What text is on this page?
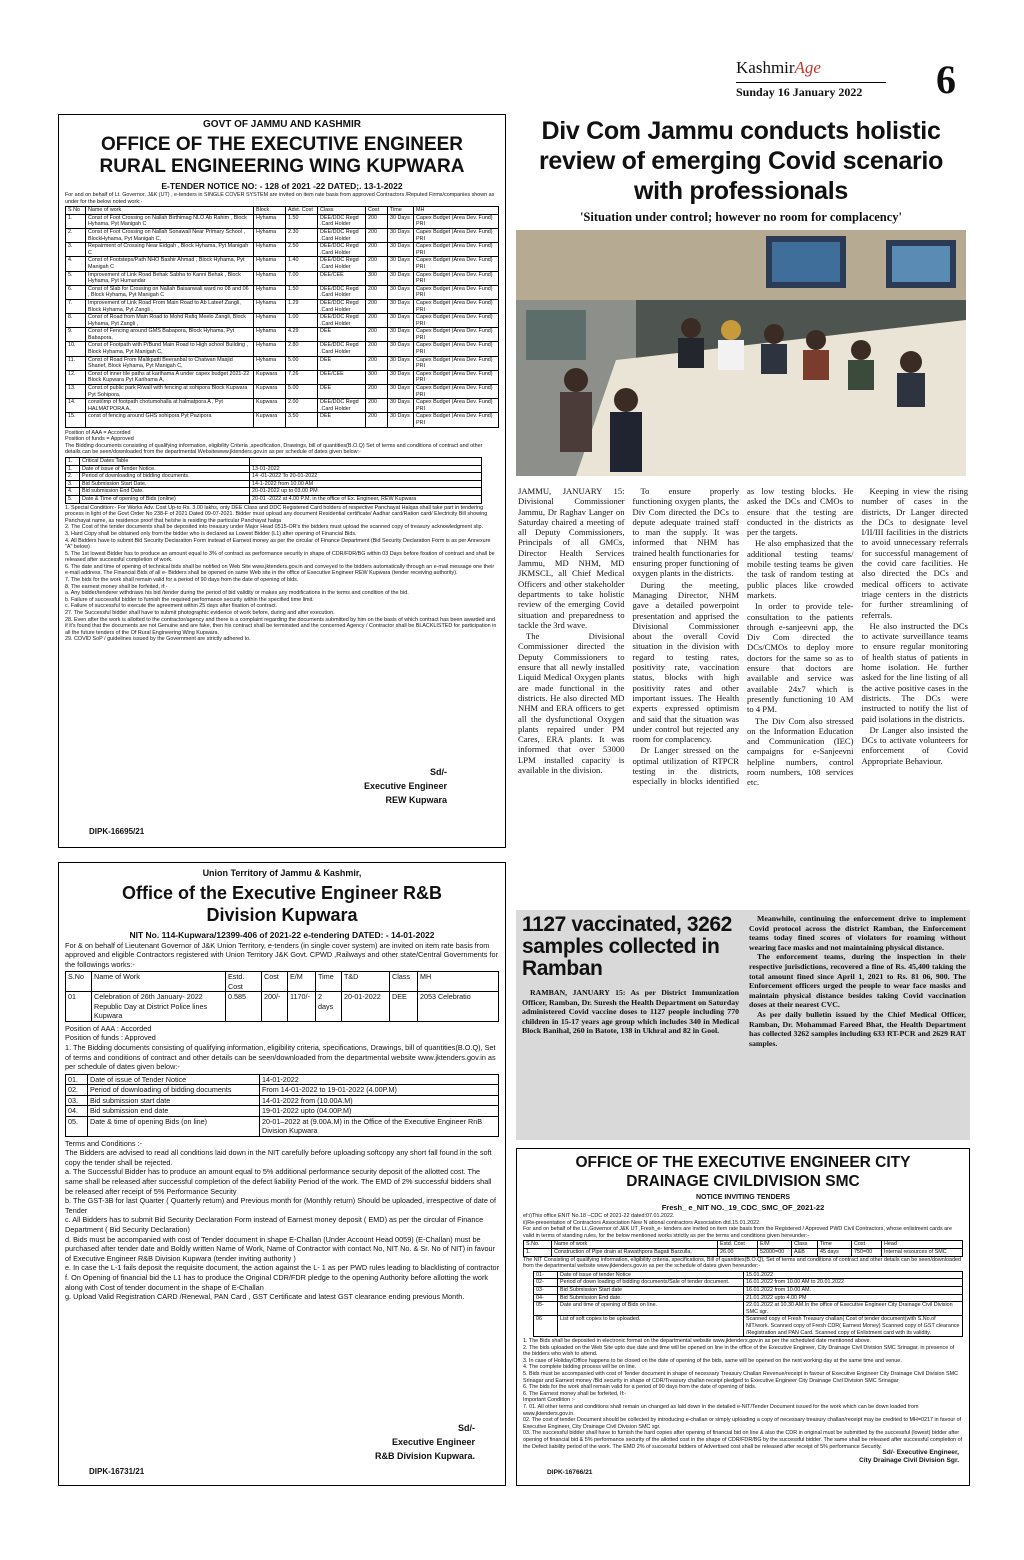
KashmirAge
Sunday 16 January 2022	6
GOVT OF JAMMU AND KASHMIR
OFFICE OF THE EXECUTIVE ENGINEER
RURAL ENGINEERING WING KUPWARA
E-TENDER NOTICE NO: - 128 of 2021 -22 DATED;. 13-1-2022
For and on behalf of Lt. Governor, J&K (UT) , e-tenders in SINGLE COVER SYSTEM are invited on item rate basis from approved Contractors /Reputed Firms/companies shown as under for the below noted work:-
S No	Name of work	Block	Advt. Cost	Class	Cost	Time	MH
1.	Const of Foot Crossing on Nallah Birthimag NLO Ab Rahim , Block Hyhama, Pyt Manigah C	Hyhama	1.50	DEE/DDC Regd .Card Holder	200	30 Days	Capex Budget (Area Dev. Fund) PRI
2.	Const of Foot Crossing on Nallah Sonawali Near Primary School , BlockHyhama, Pyt Manigah C,	Hyhama	2.30	DEE/DDC Regd .Card Holder	200	30 Days	Capex Budget (Area Dev. Fund) PRI
3.	Repairment of Crossing Near Eidgah , Block Hyhama, Pyt Manigah C	Hyhama	2.50	DEE/DDC Regd .Card Holder	200	30 Days	Capex Budget (Area Dev. Fund) PRI
4.	Const of Footsteps/Path NHO Bashir Ahmad , Block Hyhama, Pyt Manigah C	Hyhama	1.40	DEE/DDC Regd .Card Holder	200	30 Days	Capex Budget (Area Dev. Fund) PRI
5.	Improvement of Link Road Behak Sabha to Kanni Behak , Block Hyhama, Pyt Humandar	Hyhama	7.00	DEE/CEE	300	30 Days	Capex Budget (Area Dev. Fund) PRI
6.	Const of Slab for Crossing on Nallah Baisanwali ward no 08 and 06 , Block Hyhama, Pyt Manigah C	Hyhama	1.50	DEE/DDC Regd .Card Holder	200	30 Days	Capex Budget (Area Dev. Fund) PRI
7.	Improvement of Link Road From Main Road to Ab Lateef Zangli, Block Hyhama, Pyt Zangli ,	Hyhama	1.29	DEE/DDC Regd .Card Holder	200	30 Days	Capex Budget (Area Dev. Fund) PRI
8.	Const of Road from Main Road to Mohd Rafiq Meelo Zangli, Block Hyhama, Pyt Zangli ,	Hyhama	1.00	DEE/DDC Regd .Card Holder	200	30 Days	Capex Budget (Area Dev. Fund) PRI
9.	Const of Fencing around GMS Babapora, Block Hyhama, Pyt Babapora,	Hyhama	4.29	DEE	200	30 Days	Capex Budget (Area Dev. Fund) PRI
10.	Const of Footpath with P/Bund Main Road to High school Building , Block Hyhama, Pyt Manigah C,	Hyhama	2.80	DEE/DDC Regd .Card Holder	200	30 Days	Capex Budget (Area Dev. Fund) PRI
11.	Const of Road From Malikpatti Beeranbal to Chatwan Masjid Sharief, Block Hyhama, Pyt Manigah C,	Hyhama	5.00	DEE	200	30 Days	Capex Budget (Area Dev. Fund) PRI
12.	Const of inner tile paths at karihama A under capex budget 2021-22 Block Kupwara Pyt Karihama A,	Kupwara	7.26	DEE/CEE	300	30 Days	Capex Budget (Area Dev. Fund) PRI
13.	Const.of public park R/wall with fencing at sohipora Block Kupwara Pyt Sohipora,	Kupwara	5.00	DEE	200	30 Days	Capex Budget (Area Dev. Fund) PRI
14.	const/imp of footpath chotumohalla at halmatpora A , Pyt HALMATPORA A,	Kupwara	2.00	DEE/DDC Regd .Card Holder	200	30 Days	Capex Budget (Area Dev. Fund) PRI
15.	const of fencing around GHS sohipora Pyt Pazipora	Kupwara	3.50	DEE	200	30 Days	Capex Budget (Area Dev. Fund) PRI
Position of AAA = Accorded
Position of funds = Approved
The Bidding documents consisting of qualifying information, eligibility Criteria ,specification, Drawings, bill of quantities(B.O.Q) Set of terms and conditions of contract and other details can be seen/downloaded from the departmental Websitewww.jktenders.gov.in as per schedule of dates given below:-
1.	Critical Dates Table	
1.	Date of issue of Tender Notice.	13-01-2022
2.	Period of downloading of bidding documents.	14 -01-2022 To 20-01-2022
3.	Bid Submission Start Date.	14-1-2022 from 10.00 AM
4.	Bid submission End Date.	20-01-2022 up to 03.00 PM
5.	Date & Time of opening of Bids (online)	20-01 -2022 at 4.00 P.M. in the office of Ex. Engineer, REW Kupwara

1. Special Condition:- For Works Adv. Cost Up-to Rs. 3.00 lakhs, only DEE Class and DDC Registered Card holders of respective Panchayat Halqas shall take part in tendering process in light of the Govt Order No 238-F of 2021 Dated 09-07-2021. Bidder must upload any document Residential certificate/ Aadhar card/Ration card/ Electricity Bill showing Panchayat name, as residence proof that he/she is residing the particular Panchayat halqa

2. The Cost of the tender documents shall be deposited into treasury under Major Head 0515-OR's the bidders must upload the scanned copy of treasury acknowledgment slip.

3. Hard Copy shall be obtained only from the bidder who is declared as Lowest Bidder (L1) after opening of Financial Bids.

4. All Bidders have to submit Bid Security Declaration Form instead of Earnest money as per the circular of Finance Department (Bid Security Declaration Form is as per Annexure "A" below)

5. The 1st lowest Bidder has to produce an amount equal to 3% of contract as performance security in shape of CDR/FDR/BG within 03 Days before fixation of contract and shall be released after successful completion of work.

6. The date and time of opening of technical bids shall be notified on Web Site www.jktenders.gov.in and conveyed to the bidders automatically through an e-mail message one their e-mail address. The Financial Bids of all e- Bidders shall be opened on same Web site in the office of Executive Engineer REW Kupwara (tender receiving authority).

7. The bids for the work shall remain valid for a period of 90 days from the date of opening of bids.

8. The earnest money shall be forfeited, if:-

a. Any bidder/tenderer withdraws his bid /tender during the period of bid validity or makes any modifications in the terms and condition of the bid.

b. Failure of successful bidder to furnish the required performance security within the specified time limit.

c. Failure of successful to execute the agreement within 25 days after fixation of contract.

27. The Successful bidder shall have to submit photographic evidence of work before, during and after execution.

28. Even after the work is allotted to the contractor/agency and there is a complaint regarding the documents submitted by him on the basis of which contract has been awarded and if it's found that the documents are not Genuine and are fake, then his contract shall be terminated and the concerned Agency / Contractor shall be BLACKLISTED for participation in all the future tenders of the Of Rural Engineering Wing Kupwara.

29. COVID SoP / guidelines issued by the Government are strictly adhered to.

Sd/-
Executive Engineer
REW Kupwara
DIPK-16695/21
Union Territory of Jammu & Kashmir,
Office of the Executive Engineer R&B
Division Kupwara
NIT No. 114-Kupwara/12399-406 of 2021-22 e-tendering DATED: - 14-01-2022
For & on behalf of Lieutenant Governor of J&K Union Territory, e-tenders (in single cover system) are invited on item rate basis from approved and eligible Contractors registered with Union Territory J&K Govt. CPWD ,Railways and other state/Central Governments for the followings works:-
S.No	Name of Work	Estd. Cost	Cost	E/M	Time	T&D	Class	MH
01	Celebration of 26th January- 2022 Republic Day at District Police lines Kupwara	0.585	200/-	1170/-	2 days	20-01-2022	DEE	2053 Celebratio
Position of AAA : Accorded
Position of funds : Approved
1. The Bidding documents consisting of qualifying information, eligibility criteria, specifications, Drawings, bill of quantities(B.O.Q), Set of terms and conditions of contract and other details can be seen/downloaded from the departmental website www.jktenders.gov.in as per schedule of dates given below:-
01.	Date of issue of Tender Notice	14-01-2022
02.	Period of downloading of bidding documents	From 14-01-2022 to 19-01-2022 (4.00P.M)
03.	Bid submission start date	14-01-2022 from (10.00A.M)
04.	Bid submission end date	19-01-2022 upto (04.00P.M)
05.	Date & time of opening Bids (on line)	20-01–2022 at (9.00A.M) in the Office of the Executive Engineer RnB Division Kupwara
Terms and Conditions :-

The Bidders are advised to read all conditions laid down in the NIT carefully before uploading softcopy any short fall found in the soft copy the tender shall be rejected.

a. The Successful Bidder has to produce an amount equal to 5% additional performance security deposit of the allotted cost. The same shall be released after successful completion of the defect liability Period of the work. The EMD of 2% successful bidders shall be released after receipt of 5% Performance Security

b. The GST-3B for last Quarter ( Quarterly return) and Previous month for (Monthly return) Should be uploaded, irrespective of date of Tender

c. All Bidders has to submit Bid Security Declaration Form instead of Earnest money deposit ( EMD) as per the circular of Finance Department ( Bid Security Declaration)

d. Bids must be accompanied with cost of Tender document in shape E-Challan (Under Account Head 0059) (E-Challan) must be purchased after tender date and Boldly written Name of Work, Name of Contractor with contact No, NIT No. & Sr. No of NIT) in favour of Executive Engineer R&B Division Kupwara (tender inviting authority )

e. In case the L-1 fails deposit the requisite document, the action against the L- 1 as per PWD rules leading to blacklisting of contractor

f. On Opening of financial bid the L1 has to produce the Original CDR/FDR pledge to the opening Authority before allotting the work along with Cost of tender document in the shape of E-Challan

g. Upload Valid Registration CARD /Renewal, PAN Card , GST Certificate and latest GST clearance ending previous Month.

Sd/-
Executive Engineer
R&B Division Kupwara.
DIPK-16731/21
Div Com Jammu conducts holistic review of emerging Covid scenario with professionals
'Situation under control; however no room for complacency'

JAMMU, JANUARY 15: Divisional Commissioner Jammu, Dr Raghav Langer on Saturday chaired a meeting of all Deputy Commissioners, Principals of all GMCs, Director Health Services Jammu, MD NHM, MD JKMSCL, all Chief Medical Officers and other stakeholder departments to take holistic review of the emerging Covid situation and preparedness to tackle the 3rd wave.

The Divisional Commissioner directed the Deputy Commissioners to ensure that all newly installed Liquid Medical Oxygen plants are made functional in the districts. He also directed MD NHM and ERA officers to get all the dysfunctional Oxygen plants repaired under PM Cares, ERA plants. It was informed that over 53000 LPM installed capacity is available in the division.

To ensure properly functioning oxygen plants, the Div Com directed the DCs to depute adequate trained staff to man the supply. It was informed that NHM has trained health functionaries for ensuring proper functioning of oxygen plants in the districts.

During the meeting, Managing Director, NHM gave a detailed powerpoint presentation and apprised the Divisional Commissioner about the overall Covid situation in the division with regard to testing rates, positivity rate, vaccination status, blocks with high positivity rates and other important issues. The Health experts expressed optimism and said that the situation was under control but rejected any room for complacency.

Dr Langer stressed on the optimal utilization of RTPCR testing in the districts, especially in blocks identified as low testing blocks. He asked the DCs and CMOs to ensure that the testing are conducted in the districts as per the targets.

He also emphasized that the additional testing teams/ mobile testing teams be given the task of random testing at public places like crowded markets.

In order to provide tele-consultation to the patients through e-sanjeevni app, the Div Com directed the DCs/CMOs to deploy more doctors for the same so as to ensure that doctors are available and service was available 24x7 which is presently functioning 10 AM to 4 PM.

The Div Com also stressed on the Information Education and Communication (IEC) campaigns for e-Sanjeevni helpline numbers, control room numbers, 108 services etc.

Keeping in view the rising number of cases in the districts, Dr Langer directed the DCs to designate level I/II/III facilities in the districts to avoid unnecessary referrals for successful management of the covid care facilities. He also directed the DCs and medical officers to activate triage centers in the districts for further streamlining of referrals.

He also instructed the DCs to activate surveillance teams to ensure regular monitoring of health status of patients in home isolation. He further asked for the line listing of all the active positive cases in the districts. The DCs were instructed to notify the list of paid isolations in the districts.

Dr Langer also insisted the DCs to activate volunteers for enforcement of Covid Appropriate Behaviour.

1127 vaccinated, 3262 samples collected in Ramban

RAMBAN, JANUARY 15: As per District Immunization Officer, Ramban, Dr. Suresh the Health Department on Saturday administered Covid vaccine doses to 1127 people including 770 children in 15-17 years age group which includes 340 in Medical Block Banihal, 260 in Batote, 138 in Ukhral and 82 in Gool.

Meanwhile, continuing the enforcement drive to implement Covid protocol across the district Ramban, the Enforcement teams today fined scores of violators for roaming without wearing face masks and not maintaining physical distance.

The enforcement teams, during the inspection in their respective jurisdictions, recovered a fine of Rs. 45,400 taking the total amount fined since April 1, 2021 to Rs. 81 06, 900. The Enforcement officers urged the people to wear face masks and maintain physical distance besides taking Covid vaccination doses at their nearest CVC.

As per daily bulletin issued by the Chief Medical Officer, Ramban, Dr. Mohammad Fareed Bhat, the Health Department has collected 3262 samples including 633 RT-PCR and 2629 RAT samples.

OFFICE OF THE EXECUTIVE ENGINEER CITY
DRAINAGE CIVILDIVISION SMC
NOTICE INVITING TENDERS
Fresh_ e_NIT NO._19_CDC_SMC_OF_2021-22
ef:i)This office ENIT No.18 –CDC of 2021-22 dated:07.01.2022.
ii)Re-presentation of Contractors Association New N ational contractors Association dtd.15.01.2022.
For and on behalf of the Lt.,Governor of J&K UT ,Fresh_e- tenders are invited on item rate basis from the Registered / Approved PWD Civil Contractors, whose enlistment cards are valid in terms of standing rules, for the below mentioned works strictly as per the terms and conditions given hereunder:-
S.No.	Name of work	Estd. Cost	E/M	Class	Time	Cost	Head
1.	Construction of Pipe drain at Rawathpora Bagati Barzulla.	26.00	52000=00	A&B	45 days	750=00	Internal resources of SMC
The NIT Consisting of qualifying information, eligibility criteria, specifications, Bill of quantities(B.O.Q), Set of terms and conditions of contract and other details can be seen/downloaded from the departmental website www.jktenders.gov.in as per the schedule of dates given hereunder:-
01-	Date of issue of tender Notice	15.01.2022
02-	Period of down loading of bidding documents/Sale of tender document.	16.01.2022 from 10.00 AM to 20.01.2022
03-	Bid Submission Start date	16.01.2022 from 10.00 AM.
04-	Bid Submission End date.	21.01.2022 upto 4.00 PM
05-	Date and time of opening of Bids on line.	22.01.2022 at 10.30 AM.In the office of Executive Engineer City Drainage Civil Division SMC sgr.
06	List of soft copies to be uploaded.	Scanned copy of Fresh Treasury challan( Cost of tender document(with S.No.of NIT/work. Scanned copy of Fresh CDR( Earnest Money) Scanned copy of GST clearance /Registration and PAN Card. Scanned copy of Enlistment card with its validity.

1. The Bids shall be deposited in electronic format on the departmental website www.jktenders.gov.in as per the scheduled date mentioned above.

2. The bids uploaded on the Web Site upto due date and time will be opened on line in the office of the Executive Engineer, City Drainage Civil Division SMC Srinagar. in presence of the bidders who wish to attend.

3. In case of Holiday/Office happens to be closed on the date of opening of the bids, same will be opened on the next working day at the same time and venue.

4. The complete bidding process will be on line.

5. Bids must be accompanied with cost of Tender document in shape of necessary Treasury Challan Revenue/receipt in favour of Executive Engineer City Drainage Civil Division SMC Srinagar and Earnest money /Bid security in shape of CDR/Treasury challan receipt pledged to Executive Engineer City Drainage Civil Division SMC Srinagar

6. The bids for the work shall remain valid for a period of 90 days from the date of opening of bids.

6. The Earnest money shall be forfeited, If:-

Important Condition :-

7. 01. All other terms and conditions shall remain un changed as laid down in the detailed e-NIT/Tender Document issued for the work which can be down loaded from www.jktenders.gov.in.

02. The cost of tender Document should be collected by introducing e-challan or simply uploading a copy of necessary treasury challan/receipt may be credited to MH=0217 in favour of Executive Engineer, City Drainage Civil Division SMC sgr.

03. The successful bidder shall have to furnish the hard copies after opening of financial bid on line & also the CDR in original must be submitted by the successful (lowest) bidder after opening of financial bid & 5% performance security of the allotted cost in the shape of CDR/FDR/BG by the successful bidder. The same shall be released after successful completion of the Defect liability period of the work. The EMD 2% of successful bidders of Advertised cost shall be released after receipt of 5% performance Security.

Sd/- Executive Engineer,
City Drainage Civil Division Sgr.
DIPK-16766/21
